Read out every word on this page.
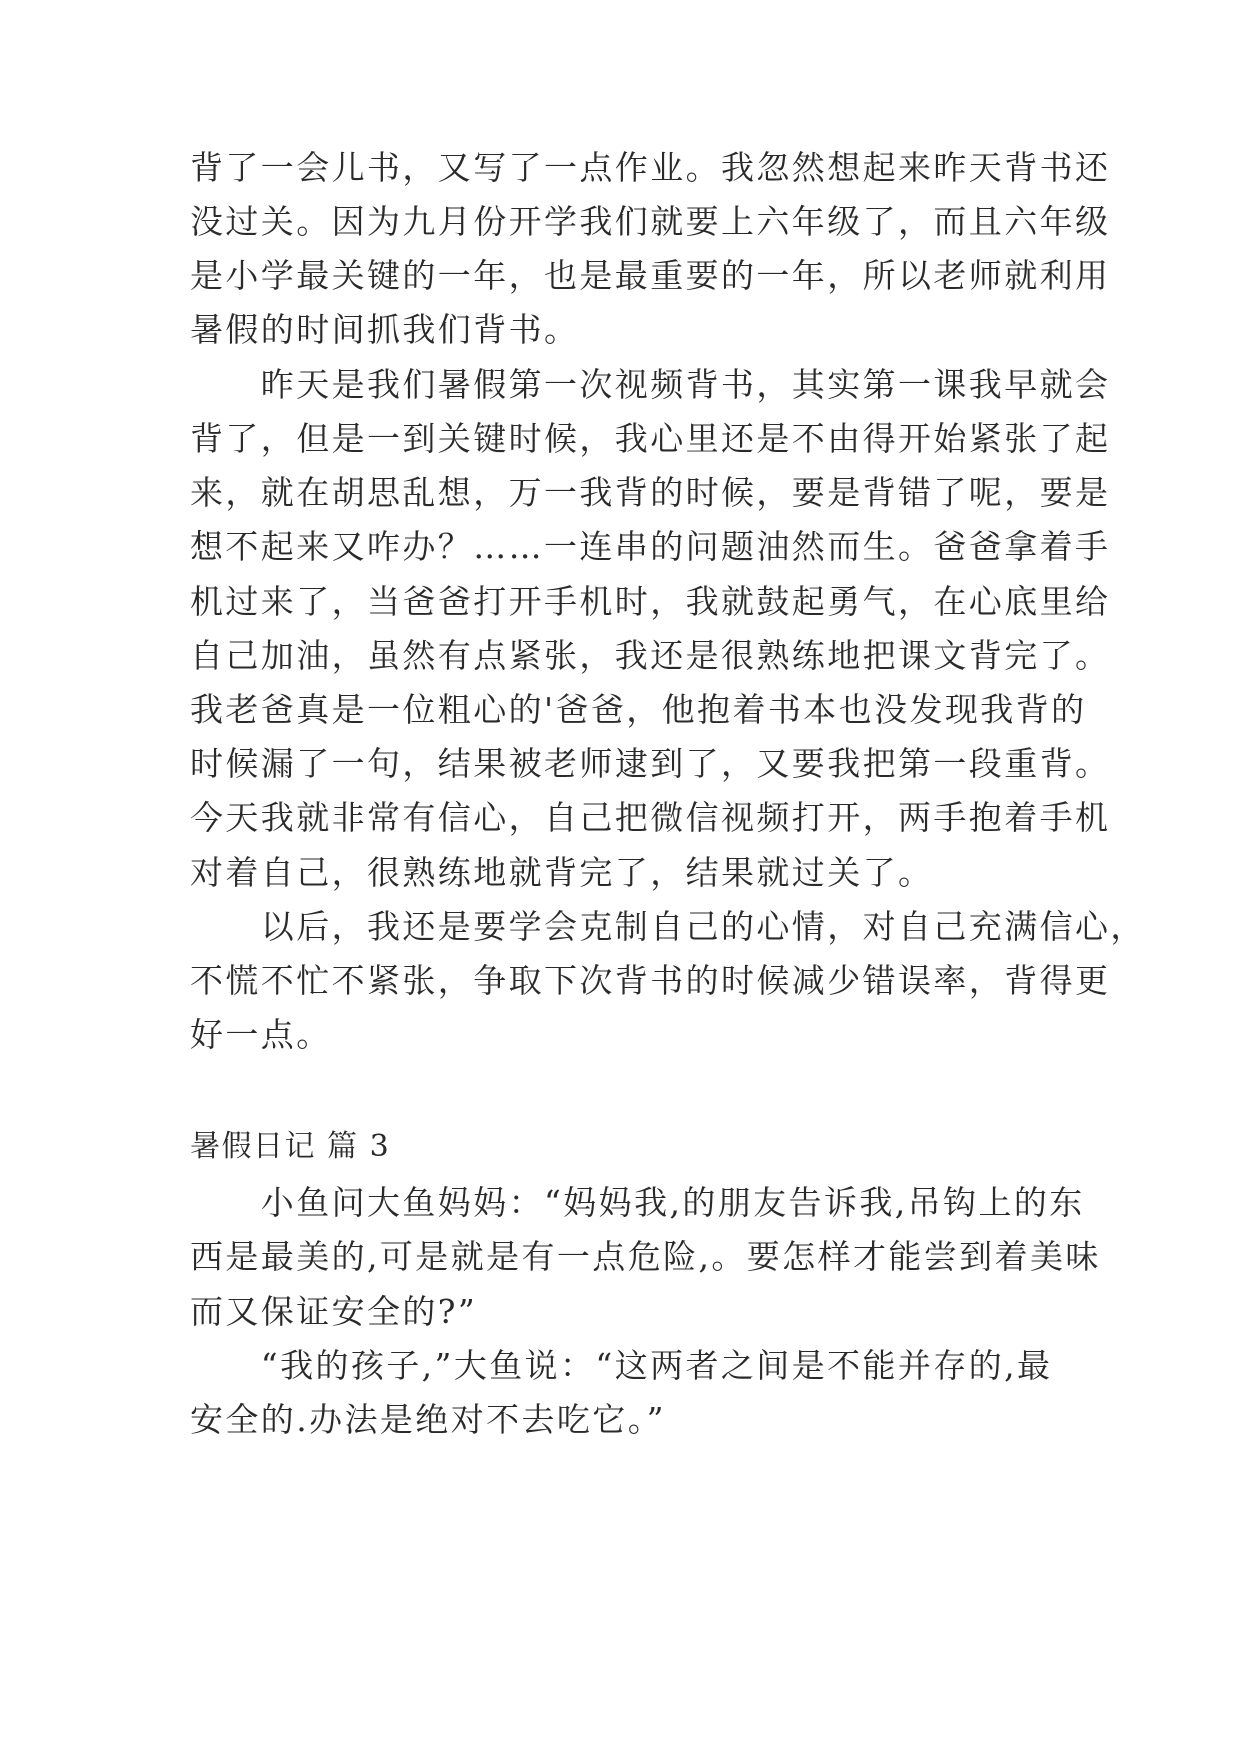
背了一会儿书，又写了一点作业。我忽然想起来昨天背书还
没过关。因为九月份开学我们就要上六年级了，而且六年级
是小学最关键的一年，也是最重要的一年，所以老师就利用
暑假的时间抓我们背书。
　　昨天是我们暑假第一次视频背书，其实第一课我早就会
背了，但是一到关键时候，我心里还是不由得开始紧张了起
来，就在胡思乱想，万一我背的时候，要是背错了呢，要是
想不起来又咋办？……一连串的问题油然而生。爸爸拿着手
机过来了，当爸爸打开手机时，我就鼓起勇气，在心底里给
自己加油，虽然有点紧张，我还是很熟练地把课文背完了。
我老爸真是一位粗心的'爸爸，他抱着书本也没发现我背的
时候漏了一句，结果被老师逮到了，又要我把第一段重背。
今天我就非常有信心，自己把微信视频打开，两手抱着手机
对着自己，很熟练地就背完了，结果就过关了。
　　以后，我还是要学会克制自己的心情，对自己充满信心，
不慌不忙不紧张，争取下次背书的时候减少错误率，背得更
好一点。
暑假日记 篇 3
　　小鱼问大鱼妈妈：“妈妈我,的朋友告诉我,吊钩上的东
西是最美的,可是就是有一点危险,。要怎样才能尝到着美味
而又保证安全的?”
　　“我的孩子,”大鱼说：“这两者之间是不能并存的,最
安全的.办法是绝对不去吃它。”
